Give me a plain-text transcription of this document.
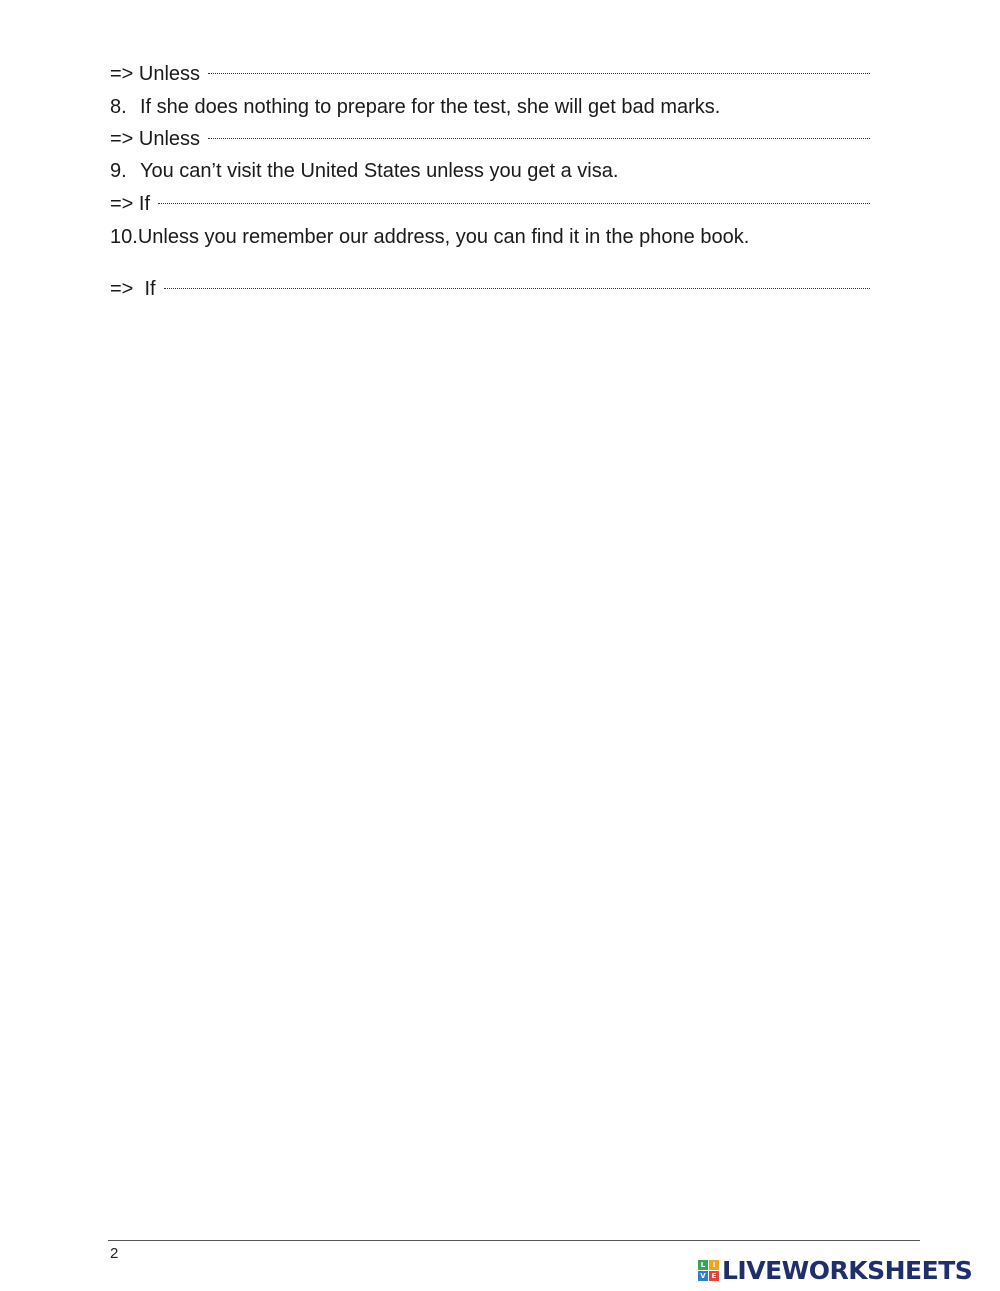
=> Unless
8. If she does nothing to prepare for the test, she will get bad marks.
=> Unless
9. You can’t visit the United States unless you get a visa.
=> If
10. Unless you remember our address, you can find it in the phone book.
=>  If
2
L	I
V E LIVEWORKSHEETS
